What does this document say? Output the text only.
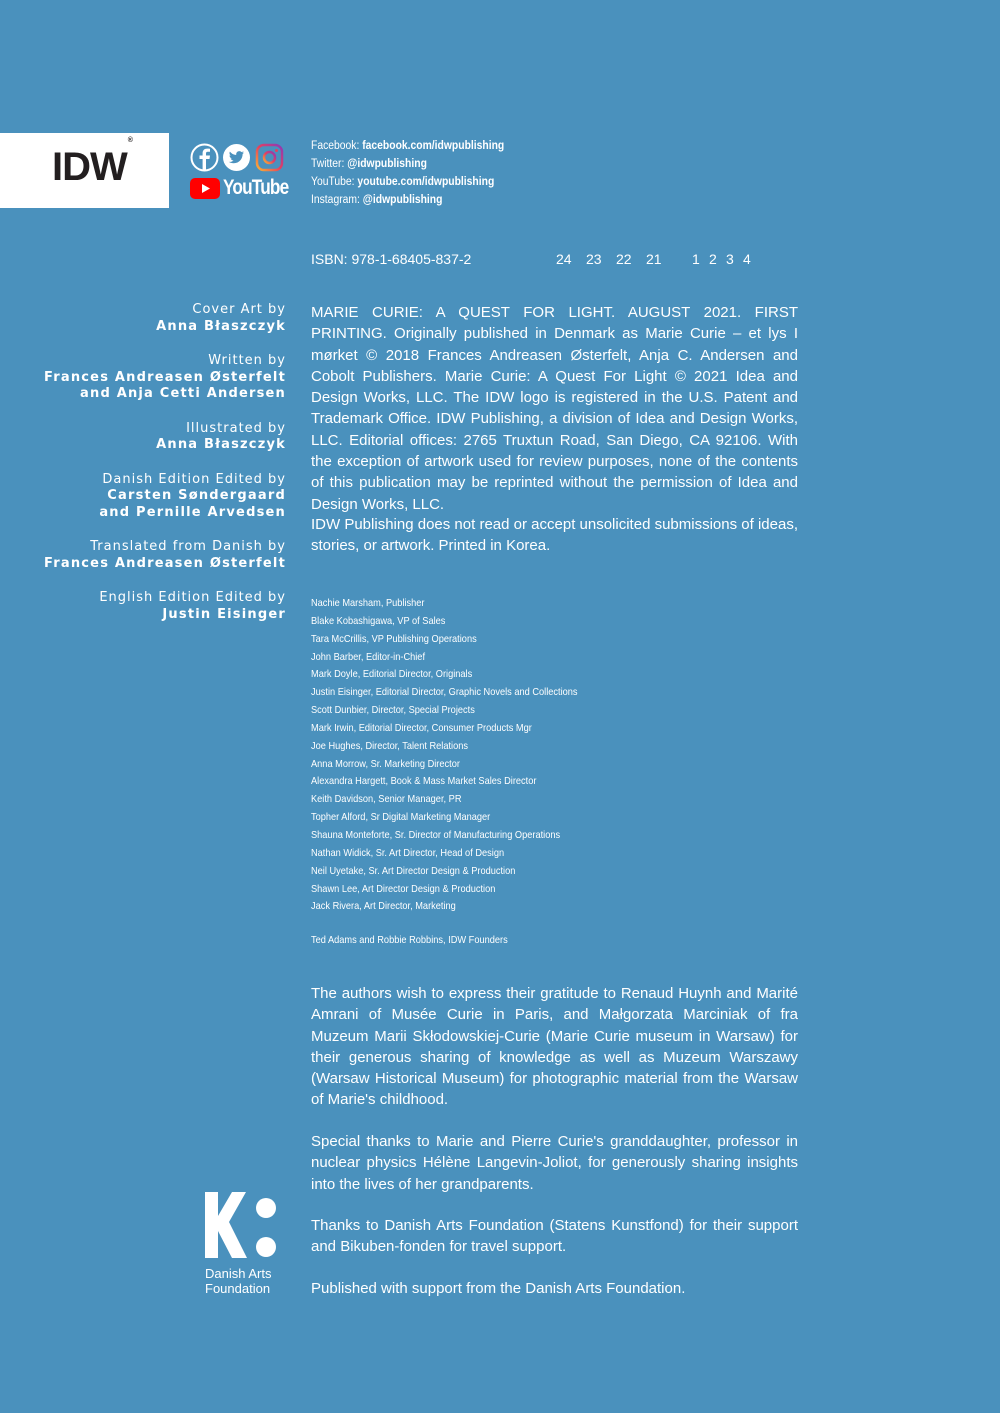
IDW®
YouTube
Facebook: facebook.com/idwpublishing
Twitter: @idwpublishing
YouTube: youtube.com/idwpublishing
Instagram: @idwpublishing
ISBN: 978-1-68405-837-2	24 23 22 21 1 2 3 4
Cover Art by
Anna Błaszczyk
Written by
Frances Andreasen Østerfelt
and Anja Cetti Andersen
Illustrated by
Anna Błaszczyk
Danish Edition Edited by
Carsten Søndergaard
and Pernille Arvedsen
Translated from Danish by
Frances Andreasen Østerfelt
English Edition Edited by
Justin Eisinger

MARIE CURIE: A QUEST FOR LIGHT. AUGUST 2021. FIRST PRINTING. Originally published in Denmark as Marie Curie – et lys I mørket © 2018 Frances Andreasen Østerfelt, Anja C. Andersen and Cobolt Publishers. Marie Curie: A Quest For Light © 2021 Idea and Design Works, LLC. The IDW logo is registered in the U.S. Patent and Trademark Office. IDW Publishing, a division of Idea and Design Works, LLC. Editorial offices: 2765 Truxtun Road, San Diego, CA 92106. With the exception of artwork used for review purposes, none of the contents of this publication may be reprinted without the permission of Idea and Design Works, LLC.

IDW Publishing does not read or accept unsolicited submissions of ideas, stories, or artwork. Printed in Korea.

Nachie Marsham, Publisher
Blake Kobashigawa, VP of Sales
Tara McCrillis, VP Publishing Operations
John Barber, Editor-in-Chief
Mark Doyle, Editorial Director, Originals
Justin Eisinger, Editorial Director, Graphic Novels and Collections
Scott Dunbier, Director, Special Projects
Mark Irwin, Editorial Director, Consumer Products Mgr
Joe Hughes, Director, Talent Relations
Anna Morrow, Sr. Marketing Director
Alexandra Hargett, Book & Mass Market Sales Director
Keith Davidson, Senior Manager, PR
Topher Alford, Sr Digital Marketing Manager
Shauna Monteforte, Sr. Director of Manufacturing Operations
Nathan Widick, Sr. Art Director, Head of Design
Neil Uyetake, Sr. Art Director Design & Production
Shawn Lee, Art Director Design & Production
Jack Rivera, Art Director, Marketing
Ted Adams and Robbie Robbins, IDW Founders

The authors wish to express their gratitude to Renaud Huynh and Marité Amrani of Musée Curie in Paris, and Małgorzata Marciniak of fra Muzeum Marii Skłodowskiej-Curie (Marie Curie museum in Warsaw) for their generous sharing of knowledge as well as Muzeum Warszawy (Warsaw Historical Museum) for photographic material from the Warsaw of Marie's childhood.

Special thanks to Marie and Pierre Curie's granddaughter, professor in nuclear physics Hélène Langevin-Joliot, for generously sharing insights into the lives of her grandparents.

Thanks to Danish Arts Foundation (Statens Kunstfond) for their support and Bikuben-fonden for travel support.

Published with support from the Danish Arts Foundation.

Danish Arts
Foundation
